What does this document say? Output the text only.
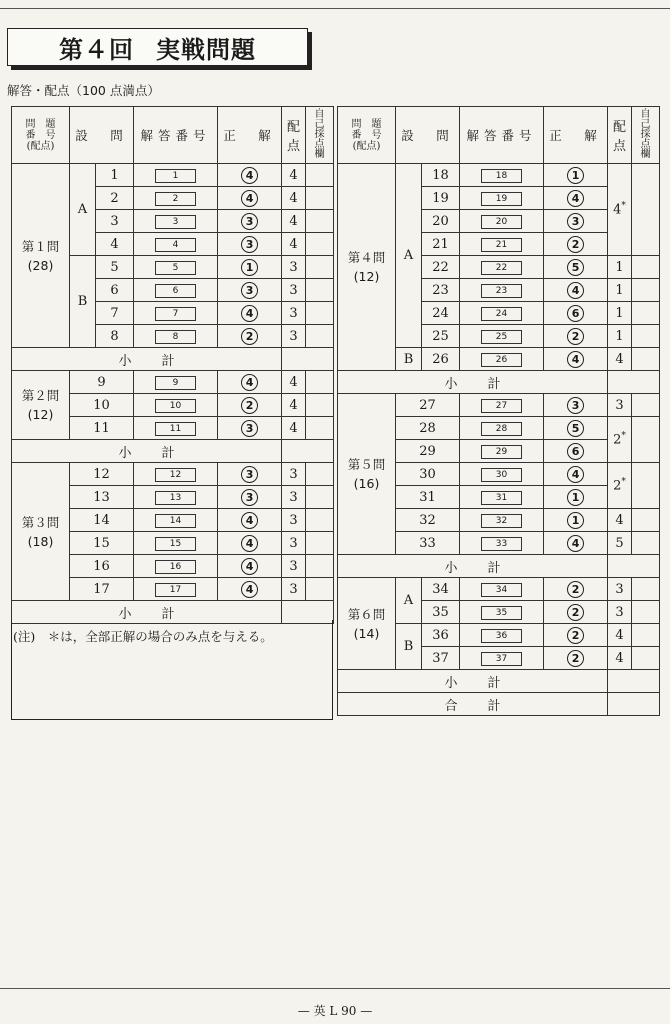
第４回 実戦問題
解答・配点（100 点満点）
問　題
番　号
(配点)	設　問		解答番号	正　解	配
点	自
己
採
点
欄
第１問
(28)	A	1	1	4	4	
		2	2	4	4	
		3	3	3	4	
		4	4	3	4	
	B	5	5	1	3	
		6	6	3	3	
		7	7	4	3	
		8	8	2	3	
小 計						
第２問
(12)	9		9	4	4	
	10		10	2	4	
	11		11	3	4	
小 計						
第３問
(18)	12		12	3	3	
	13		13	3	3	
	14		14	4	3	
	15		15	4	3	
	16		16	4	3	
	17		17	4	3	
小 計						
(注)　＊は，全部正解の場合のみ点を与える。
問　題
番　号
(配点)	設　問		解答番号	正　解	配
点	自
己
採
点
欄
第４問
(12)	A	18	18	1	4*	
		19	19	4		
		20	20	3		
		21	21	2		
		22	22	5	1	
		23	23	4	1	
		24	24	6	1	
		25	25	2	1	
	B	26	26	4	4	
小 計						
第５問
(16)	27		27	3	3	
	28		28	5	2*	
	29		29	6		
	30		30	4	2*	
	31		31	1		
	32		32	1	4	
	33		33	4	5	
小 計						
第６問
(14)	A	34	34	2	3	
		35	35	2	3	
	B	36	36	2	4	
		37	37	2	4	
小 計						
合 計						
— 英 L 90 —
